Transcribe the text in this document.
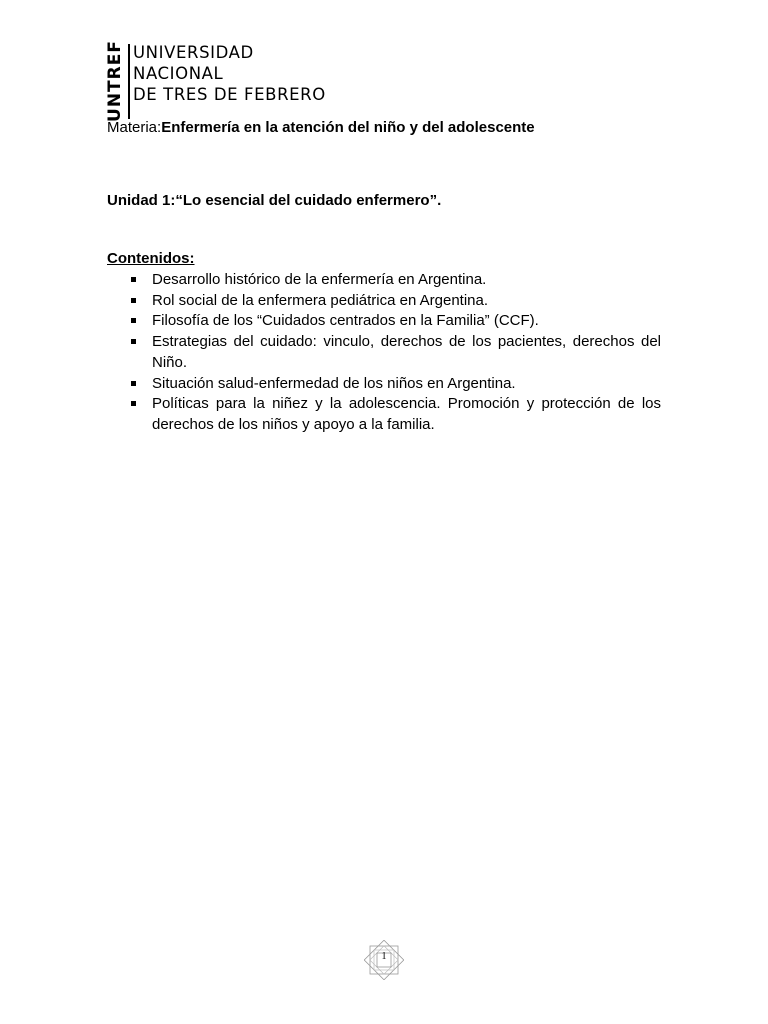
UNTREF UNIVERSIDAD
NACIONAL
DE TRES DE FEBRERO
Materia:Enfermería en la atención del niño y del adolescente
Unidad 1:“Lo esencial del cuidado enfermero”.
Contenidos:
Desarrollo histórico de la enfermería en Argentina.
Rol social de la enfermera pediátrica en Argentina.
Filosofía de los “Cuidados centrados en la Familia” (CCF).
Estrategias del cuidado: vinculo, derechos de los pacientes, derechos del Niño.
Situación salud-enfermedad de los niños en Argentina.
Políticas para la niñez y la adolescencia. Promoción y protección de los derechos de los niños y apoyo a la familia.
1
